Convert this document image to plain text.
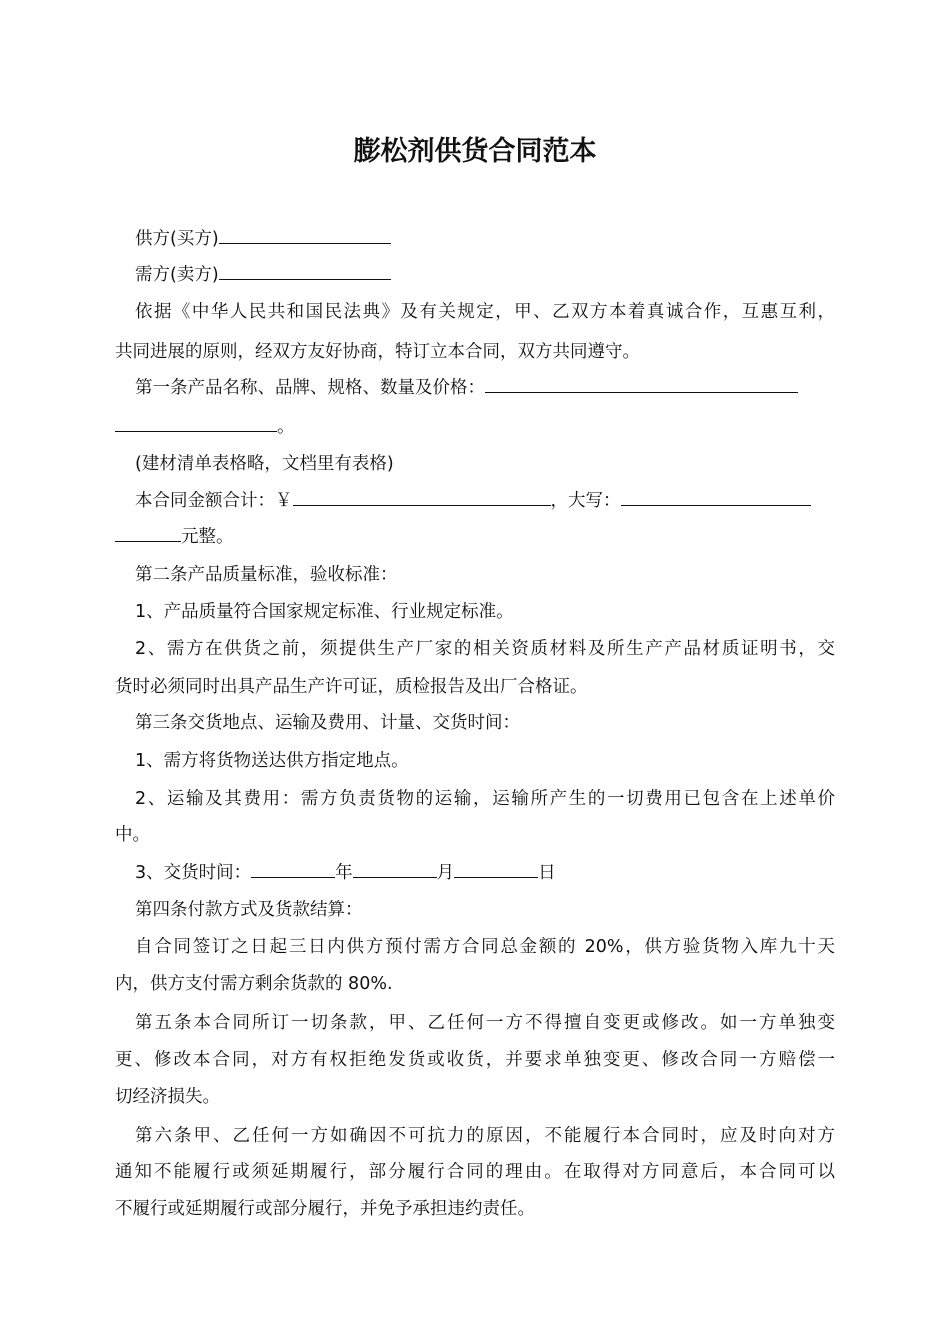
膨松剂供货合同范本
供方(买方)
需方(卖方)
依据《中华人民共和国民法典》及有关规定，甲、乙双方本着真诚合作，互惠互利，
共同进展的原则，经双方友好协商，特订立本合同，双方共同遵守。
第一条产品名称、品牌、规格、数量及价格：
。
(建材清单表格略，文档里有表格)
本合同金额合计：￥	，大写：
元整。
第二条产品质量标准，验收标准：
1、产品质量符合国家规定标准、行业规定标准。
2、需方在供货之前，须提供生产厂家的相关资质材料及所生产产品材质证明书，交
货时必须同时出具产品生产许可证，质检报告及出厂合格证。
第三条交货地点、运输及费用、计量、交货时间：
1、需方将货物送达供方指定地点。
2、运输及其费用：需方负责货物的运输，运输所产生的一切费用已包含在上述单价
中。
3、交货时间：	年	月	日
第四条付款方式及货款结算：
自合同签订之日起三日内供方预付需方合同总金额的 20%，供方验货物入库九十天
内，供方支付需方剩余货款的 80%.
第五条本合同所订一切条款，甲、乙任何一方不得擅自变更或修改。如一方单独变
更、修改本合同，对方有权拒绝发货或收货，并要求单独变更、修改合同一方赔偿一
切经济损失。
第六条甲、乙任何一方如确因不可抗力的原因，不能履行本合同时，应及时向对方
通知不能履行或须延期履行，部分履行合同的理由。在取得对方同意后，本合同可以
不履行或延期履行或部分履行，并免予承担违约责任。
